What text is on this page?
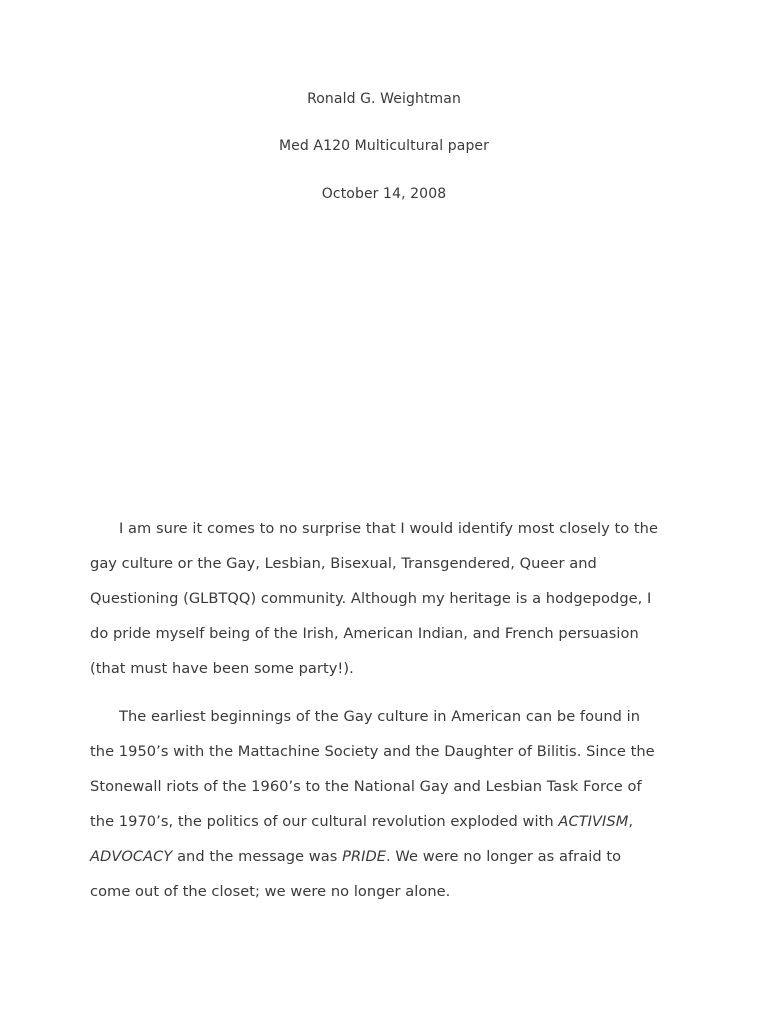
Ronald G. Weightman
Med A120 Multicultural paper
October 14, 2008
I am sure it comes to no surprise that I would identify most closely to the
gay culture or the Gay, Lesbian, Bisexual, Transgendered, Queer and
Questioning (GLBTQQ) community. Although my heritage is a hodgepodge, I
do pride myself being of the Irish, American Indian, and French persuasion
(that must have been some party!).
The earliest beginnings of the Gay culture in American can be found in
the 1950’s with the Mattachine Society and the Daughter of Bilitis. Since the
Stonewall riots of the 1960’s to the National Gay and Lesbian Task Force of
the 1970’s, the politics of our cultural revolution exploded with ACTIVISM,
ADVOCACY and the message was PRIDE. We were no longer as afraid to
come out of the closet; we were no longer alone.
